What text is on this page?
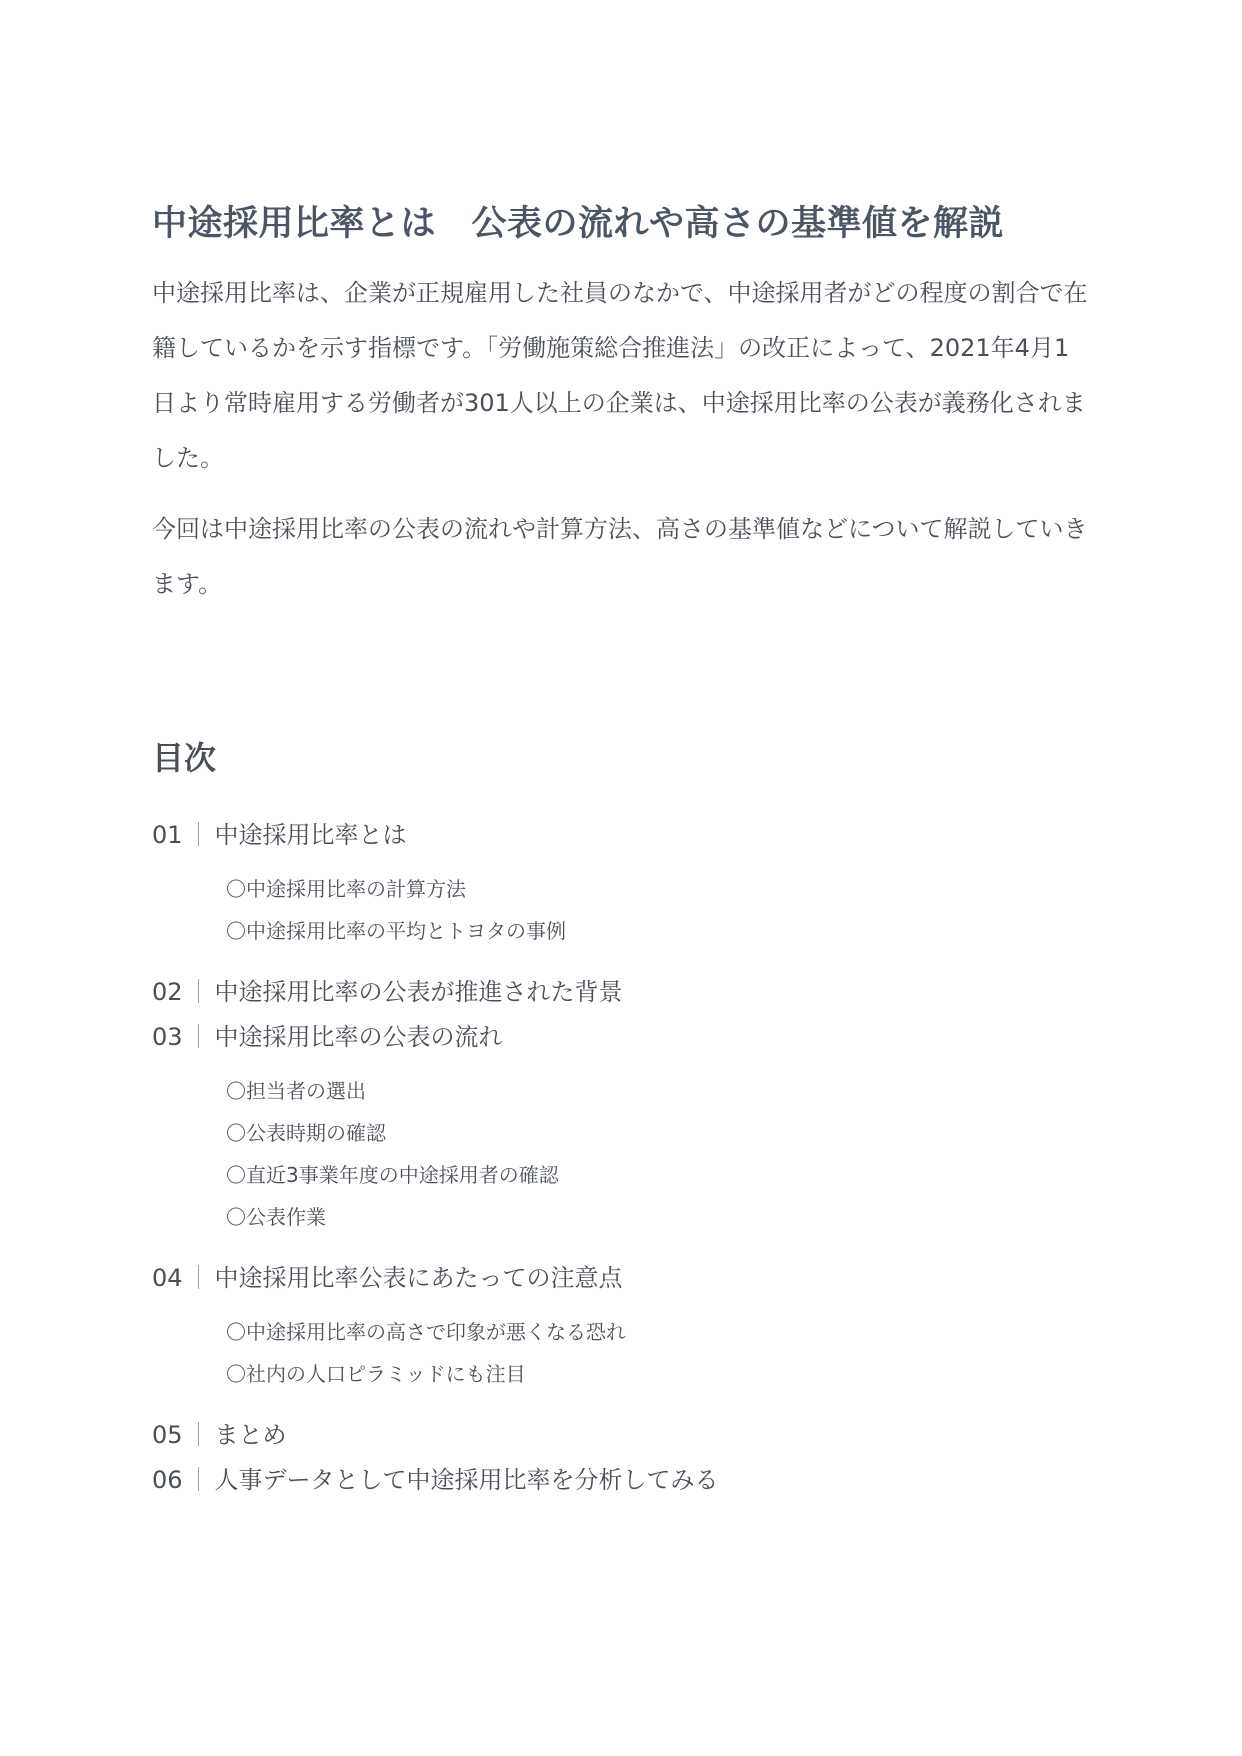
中途採用比率とは　公表の流れや高さの基準値を解説

中途採用比率は、企業が正規雇用した社員のなかで、中途採用者がどの程度の割合で在籍しているかを示す指標です。「労働施策総合推進法」の改正によって、2021年4月1日より常時雇用する労働者が301人以上の企業は、中途採用比率の公表が義務化されました。

今回は中途採用比率の公表の流れや計算方法、高さの基準値などについて解説していきます。

目次
01 ｜ 中途採用比率とは
〇中途採用比率の計算方法
〇中途採用比率の平均とトヨタの事例
02 ｜ 中途採用比率の公表が推進された背景
03 ｜ 中途採用比率の公表の流れ
〇担当者の選出
〇公表時期の確認
〇直近3事業年度の中途採用者の確認
〇公表作業
04 ｜ 中途採用比率公表にあたっての注意点
〇中途採用比率の高さで印象が悪くなる恐れ
〇社内の人口ピラミッドにも注目
05 ｜ まとめ
06 ｜ 人事データとして中途採用比率を分析してみる
